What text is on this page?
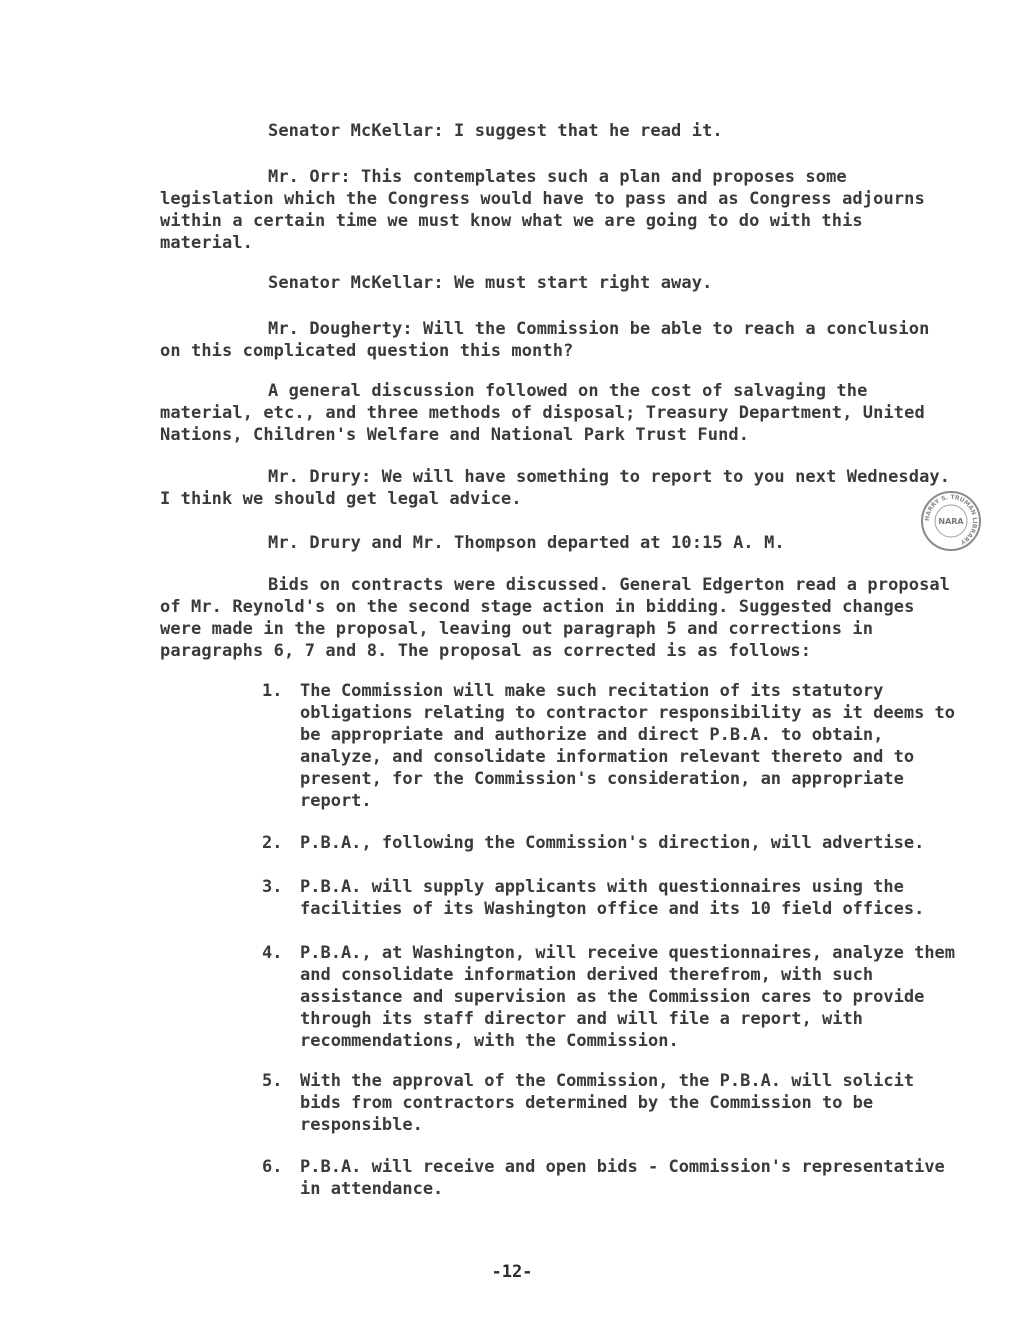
Senator McKellar: I suggest that he read it.
Mr. Orr: This contemplates such a plan and proposes some legislation which the Congress would have to pass and as Congress adjourns within a certain time we must know what we are going to do with this material.
Senator McKellar: We must start right away.
Mr. Dougherty: Will the Commission be able to reach a conclusion on this complicated question this month?
A general discussion followed on the cost of salvaging the material, etc., and three methods of disposal; Treasury Department, United Nations, Children's Welfare and National Park Trust Fund.
Mr. Drury: We will have something to report to you next Wednesday. I think we should get legal advice.
Mr. Drury and Mr. Thompson departed at 10:15 A. M.
Bids on contracts were discussed. General Edgerton read a proposal of Mr. Reynold's on the second stage action in bidding. Suggested changes were made in the proposal, leaving out paragraph 5 and corrections in paragraphs 6, 7 and 8. The proposal as corrected is as follows:
1.	The Commission will make such recitation of its statutory obligations relating to contractor responsibility as it deems to be appropriate and authorize and direct P.B.A. to obtain, analyze, and consolidate information relevant thereto and to present, for the Commission's consideration, an appropriate report.
2.	P.B.A., following the Commission's direction, will advertise.
3.	P.B.A. will supply applicants with questionnaires using the facilities of its Washington office and its 10 field offices.
4.	P.B.A., at Washington, will receive questionnaires, analyze them and consolidate information derived therefrom, with such assistance and supervision as the Commission cares to provide through its staff director and will file a report, with recommendations, with the Commission.
5.	With the approval of the Commission, the P.B.A. will solicit bids from contractors determined by the Commission to be responsible.
6.	P.B.A. will receive and open bids - Commission's representative in attendance.
-12-
HARRY S. TRUMAN LIBRARY
NARA
